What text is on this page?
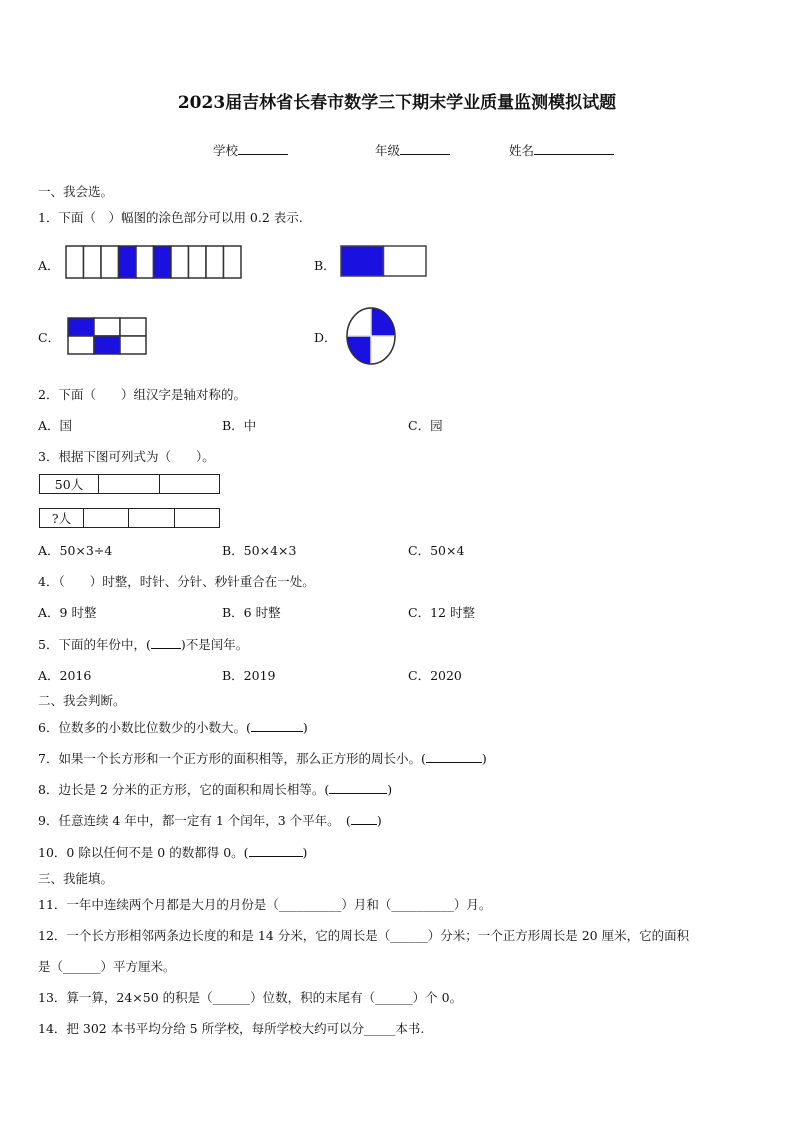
2023届吉林省长春市数学三下期末学业质量监测模拟试题
学校	年级	姓名
一、我会选。
1．下面（　）幅图的涂色部分可以用 0.2 表示.
A．	B．
C．	D．
2．下面（　　）组汉字是轴对称的。
A．国	B．中	C．园
3．根据下图可列式为（　　）。
50人
?人
A．50×3÷4	B．50×4×3	C．50×4
4．（　　）时整，时针、分针、秒针重合在一处。
A．9 时整	B．6 时整	C．12 时整
5．下面的年份中，( )不是闰年。
A．2016	B．2019	C．2020
二、我会判断。
6．位数多的小数比位数少的小数大。(	)
7．如果一个长方形和一个正方形的面积相等，那么正方形的周长小。(	)
8．边长是 2 分米的正方形，它的面积和周长相等。(	)
9．任意连续 4 年中，都一定有 1 个闰年，3 个平年。　( )
10．0 除以任何不是 0 的数都得 0。(	)
三、我能填。
11．一年中连续两个月都是大月的月份是（__________）月和（__________）月。
12．一个长方形相邻两条边长度的和是 14 分米，它的周长是（______）分米；一个正方形周长是 20 厘米，它的面积
是（______）平方厘米。
13．算一算，24×50 的积是（______）位数，积的末尾有（______）个 0。
14．把 302 本书平均分给 5 所学校，每所学校大约可以分_____本书.
